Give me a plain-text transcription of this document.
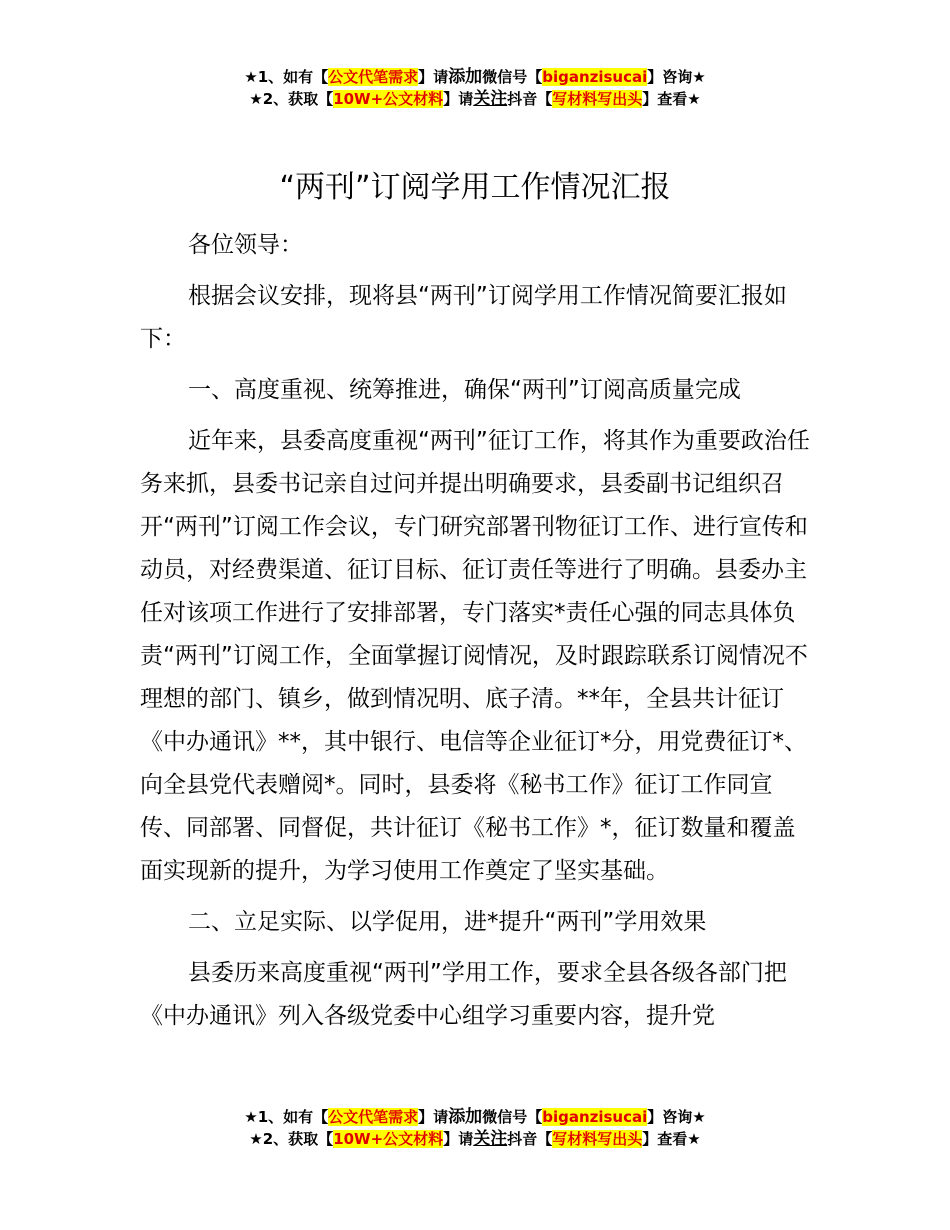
★1、如有【公文代笔需求】请添加微信号【biganzisucai】咨询★
★2、获取【10W+公文材料】请关注抖音【写材料写出头】查看★
“两刊”订阅学用工作情况汇报

各位领导：

根据会议安排，现将县“两刊”订阅学用工作情况简要汇报如下：

一、高度重视、统筹推进，确保“两刊”订阅高质量完成

近年来，县委高度重视“两刊”征订工作，将其作为重要政治任务来抓，县委书记亲自过问并提出明确要求，县委副书记组织召开“两刊”订阅工作会议，专门研究部署刊物征订工作、进行宣传和动员，对经费渠道、征订目标、征订责任等进行了明确。县委办主任对该项工作进行了安排部署，专门落实*责任心强的同志具体负责“两刊”订阅工作，全面掌握订阅情况，及时跟踪联系订阅情况不理想的部门、镇乡，做到情况明、底子清。**年，全县共计征订《中办通讯》**，其中银行、电信等企业征订*分，用党费征订*、向全县党代表赠阅*。同时，县委将《秘书工作》征订工作同宣传、同部署、同督促，共计征订《秘书工作》*，征订数量和覆盖面实现新的提升，为学习使用工作奠定了坚实基础。

二、立足实际、以学促用，进*提升“两刊”学用效果

县委历来高度重视“两刊”学用工作，要求全县各级各部门把《中办通讯》列入各级党委中心组学习重要内容，提升党

★1、如有【公文代笔需求】请添加微信号【biganzisucai】咨询★
★2、获取【10W+公文材料】请关注抖音【写材料写出头】查看★
